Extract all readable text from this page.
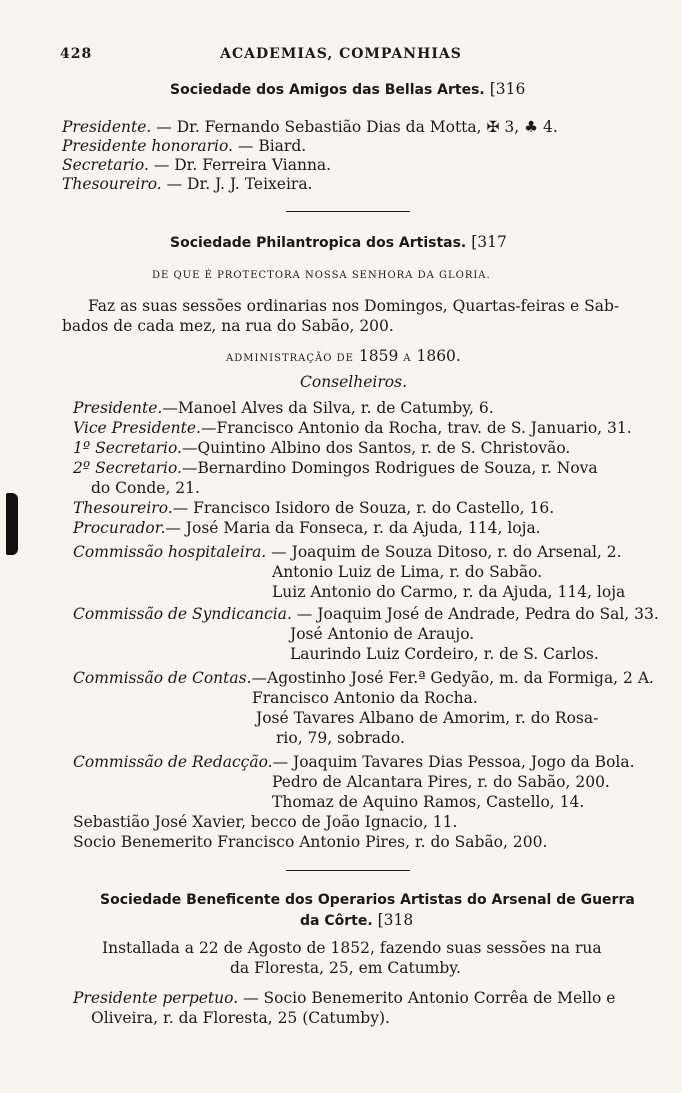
428	ACADEMIAS, COMPANHIAS
Sociedade dos Amigos das Bellas Artes. [316
Presidente. — Dr. Fernando Sebastião Dias da Motta, ✠ 3, ♣ 4.
Presidente honorario. — Biard.
Secretario. — Dr. Ferreira Vianna.
Thesoureiro. — Dr. J. J. Teixeira.
Sociedade Philantropica dos Artistas. [317
DE QUE É PROTECTORA NOSSA SENHORA DA GLORIA.
Faz as suas sessões ordinarias nos Domingos, Quartas-feiras e Sab-
bados de cada mez, na rua do Sabão, 200.
ADMINISTRAÇÃO DE 1859 A 1860.
Conselheiros.
Presidente.—Manoel Alves da Silva, r. de Catumby, 6.
Vice Presidente.—Francisco Antonio da Rocha, trav. de S. Januario, 31.
1º Secretario.—Quintino Albino dos Santos, r. de S. Christovão.
2º Secretario.—Bernardino Domingos Rodrigues de Souza, r. Nova
do Conde, 21.
Thesoureiro.— Francisco Isidoro de Souza, r. do Castello, 16.
Procurador.— José Maria da Fonseca, r. da Ajuda, 114, loja.
Commissão hospitaleira. — Joaquim de Souza Ditoso, r. do Arsenal, 2.
Antonio Luiz de Lima, r. do Sabão.
Luiz Antonio do Carmo, r. da Ajuda, 114, loja
Commissão de Syndicancia. — Joaquim José de Andrade, Pedra do Sal, 33.
José Antonio de Araujo.
Laurindo Luiz Cordeiro, r. de S. Carlos.
Commissão de Contas.—Agostinho José Fer.ª Gedyão, m. da Formiga, 2 A.
Francisco Antonio da Rocha.
José Tavares Albano de Amorim, r. do Rosa-
rio, 79, sobrado.
Commissão de Redacção.— Joaquim Tavares Dias Pessoa, Jogo da Bola.
Pedro de Alcantara Pires, r. do Sabão, 200.
Thomaz de Aquino Ramos, Castello, 14.
Sebastião José Xavier, becco de João Ignacio, 11.
Socio Benemerito Francisco Antonio Pires, r. do Sabão, 200.
Sociedade Beneficente dos Operarios Artistas do Arsenal de Guerra
da Côrte. [318
Installada a 22 de Agosto de 1852, fazendo suas sessões na rua
da Floresta, 25, em Catumby.
Presidente perpetuo. — Socio Benemerito Antonio Corrêa de Mello e
Oliveira, r. da Floresta, 25 (Catumby).
